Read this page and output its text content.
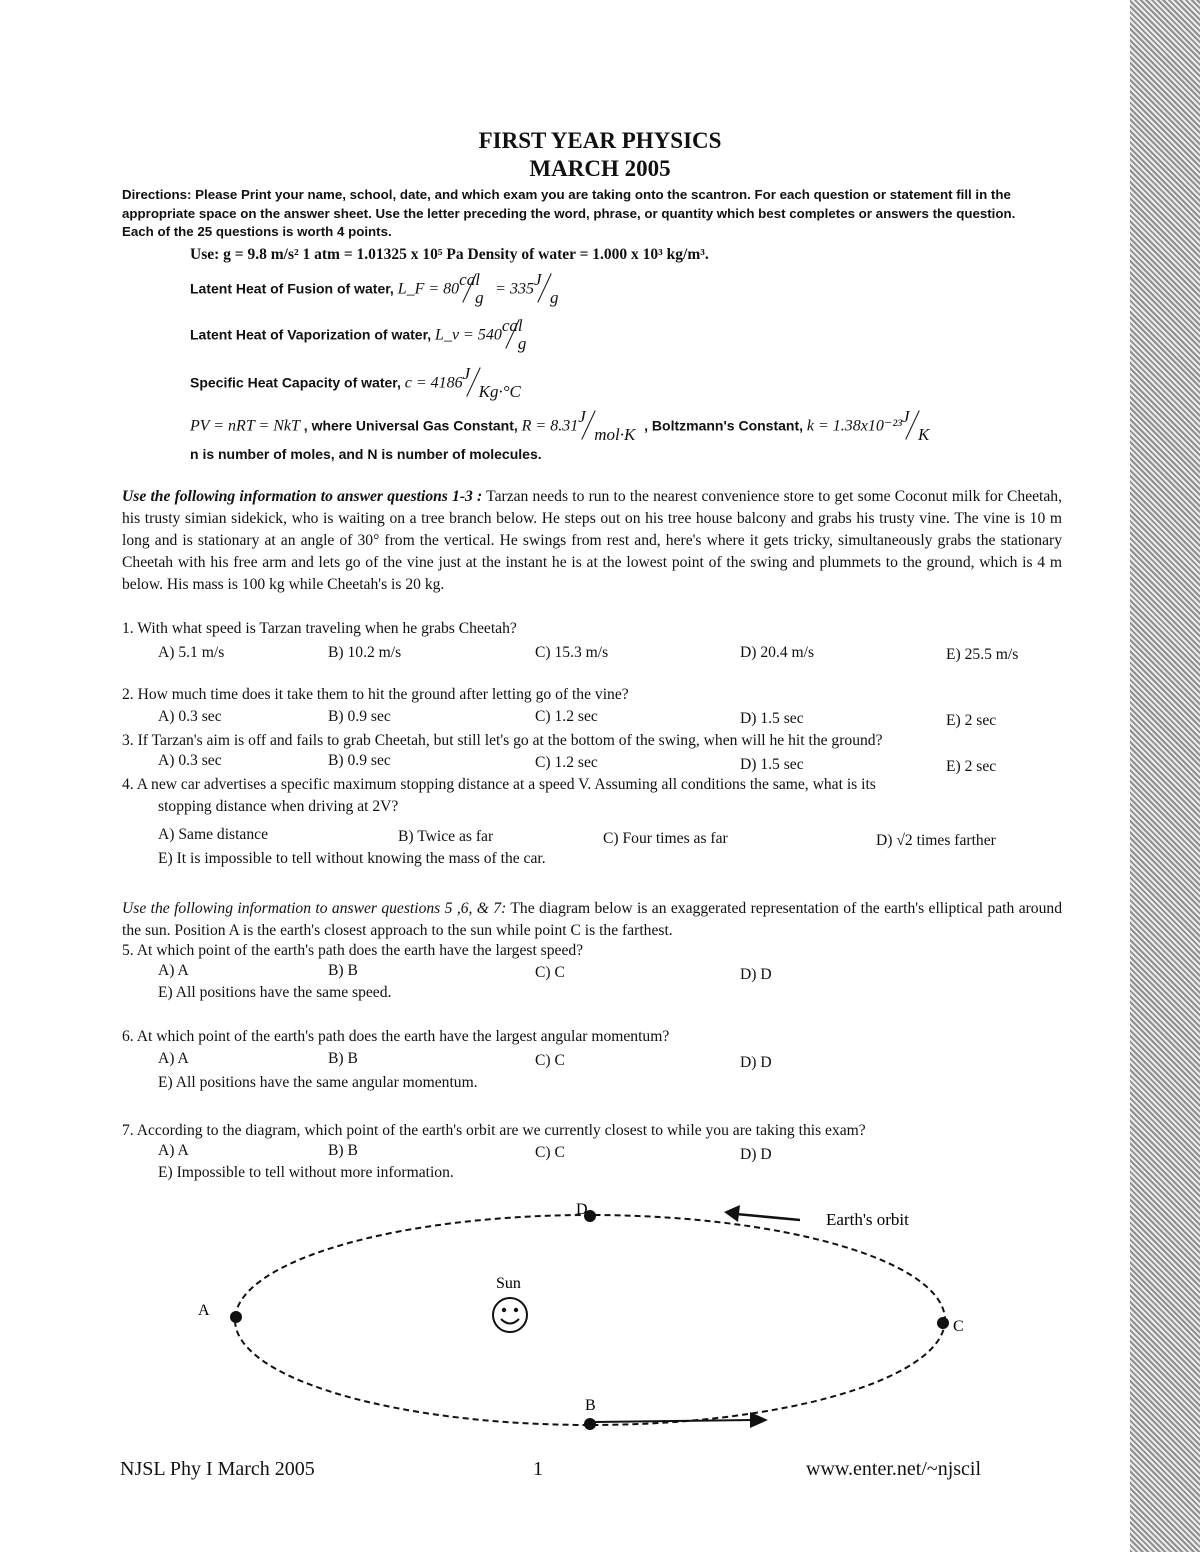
FIRST YEAR PHYSICS
MARCH 2005
Directions: Please Print your name, school, date, and which exam you are taking onto the scantron. For each question or statement fill in the appropriate space on the answer sheet. Use the letter preceding the word, phrase, or quantity which best completes or answers the question. Each of the 25 questions is worth 4 points.
Use: g = 9.8 m/s² 1 atm = 1.01325 x 10⁵ Pa Density of water = 1.000 x 10³ kg/m³.
Latent Heat of Fusion of water, L_F = 80
cal
g = 335
J
g
Latent Heat of Vaporization of water, L_v = 540
cal
g
Specific Heat Capacity of water, c = 4186
J
Kg·°C
PV = nRT = NkT , where Universal Gas Constant, R = 8.31
J
mol·K , Boltzmann's Constant, k = 1.38x10⁻²³
J
K
n is number of moles, and N is number of molecules.
Use the following information to answer questions 1-3 : Tarzan needs to run to the nearest convenience store to get some Coconut milk for Cheetah, his trusty simian sidekick, who is waiting on a tree branch below. He steps out on his tree house balcony and grabs his trusty vine. The vine is 10 m long and is stationary at an angle of 30° from the vertical. He swings from rest and, here's where it gets tricky, simultaneously grabs the stationary Cheetah with his free arm and lets go of the vine just at the instant he is at the lowest point of the swing and plummets to the ground, which is 4 m below. His mass is 100 kg while Cheetah's is 20 kg.
1. With what speed is Tarzan traveling when he grabs Cheetah?
A) 5.1 m/s	B) 10.2 m/s	C) 15.3 m/s	D) 20.4 m/s	E) 25.5 m/s
2. How much time does it take them to hit the ground after letting go of the vine?
A) 0.3 sec	B) 0.9 sec	C) 1.2 sec	D) 1.5 sec	E) 2 sec
3. If Tarzan's aim is off and fails to grab Cheetah, but still let's go at the bottom of the swing, when will he hit the ground?
A) 0.3 sec	B) 0.9 sec	C) 1.2 sec	D) 1.5 sec	E) 2 sec
4. A new car advertises a specific maximum stopping distance at a speed V. Assuming all conditions the same, what is its
stopping distance when driving at 2V?
A) Same distance	B) Twice as far	C) Four times as far	D) √2 times farther
E) It is impossible to tell without knowing the mass of the car.
Use the following information to answer questions 5 ,6, & 7: The diagram below is an exaggerated representation of the earth's elliptical path around the sun. Position A is the earth's closest approach to the sun while point C is the farthest.
5. At which point of the earth's path does the earth have the largest speed?
A) A	B) B	C) C	D) D
E) All positions have the same speed.
6. At which point of the earth's path does the earth have the largest angular momentum?
A) A	B) B	C) C	D) D
E) All positions have the same angular momentum.
7. According to the diagram, which point of the earth's orbit are we currently closest to while you are taking this exam?
A) A	B) B	C) C	D) D
E) Impossible to tell without more information.
A
C
D
B
Sun
Earth's orbit
NJSL Phy I March 2005	1	www.enter.net/~njscil
